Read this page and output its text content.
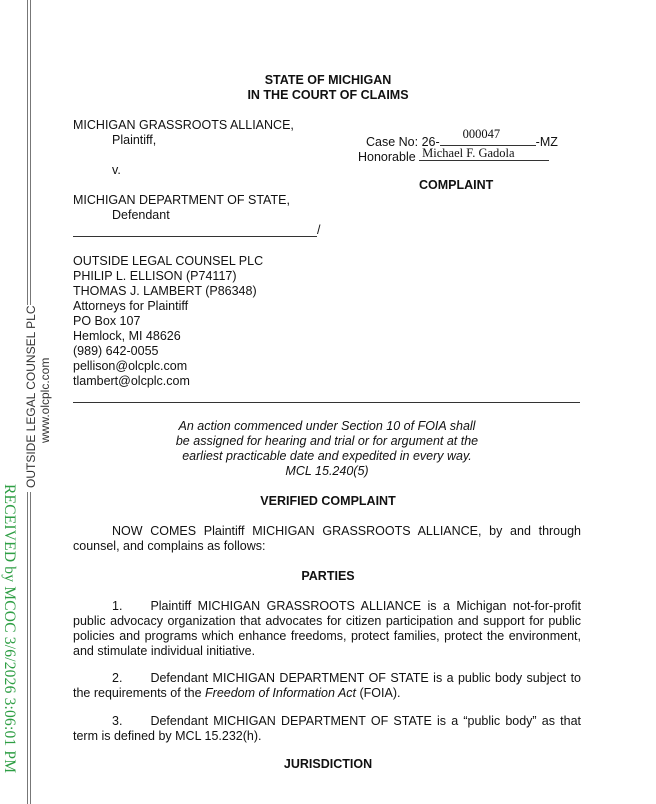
OUTSIDE LEGAL COUNSEL PLC www.olcplc.com
RECEIVED by MCOC 3/6/2026 3:06:01 PM
STATE OF MICHIGAN
IN THE COURT OF CLAIMS
MICHIGAN GRASSROOTS ALLIANCE,
Plaintiff,
v.
MICHIGAN DEPARTMENT OF STATE,
Defendant
/
Case No: 26-
000047
-MZ
Honorable Michael F. Gadola
COMPLAINT
OUTSIDE LEGAL COUNSEL PLC
PHILIP L. ELLISON (P74117)
THOMAS J. LAMBERT (P86348)
Attorneys for Plaintiff
PO Box 107
Hemlock, MI 48626
(989) 642-0055
pellison@olcplc.com
tlambert@olcplc.com
An action commenced under Section 10 of FOIA shall
be assigned for hearing and trial or for argument at the
earliest practicable date and expedited in every way.
MCL 15.240(5)
VERIFIED COMPLAINT
NOW COMES Plaintiff MICHIGAN GRASSROOTS ALLIANCE, by and through counsel, and complains as follows:
PARTIES
1. Plaintiff MICHIGAN GRASSROOTS ALLIANCE is a Michigan not-for-profit public advocacy organization that advocates for citizen participation and support for public policies and programs which enhance freedoms, protect families, protect the environment, and stimulate individual initiative.
2. Defendant MICHIGAN DEPARTMENT OF STATE is a public body subject to the requirements of the Freedom of Information Act (FOIA).
3. Defendant MICHIGAN DEPARTMENT OF STATE is a “public body” as that term is defined by MCL 15.232(h).
JURISDICTION
